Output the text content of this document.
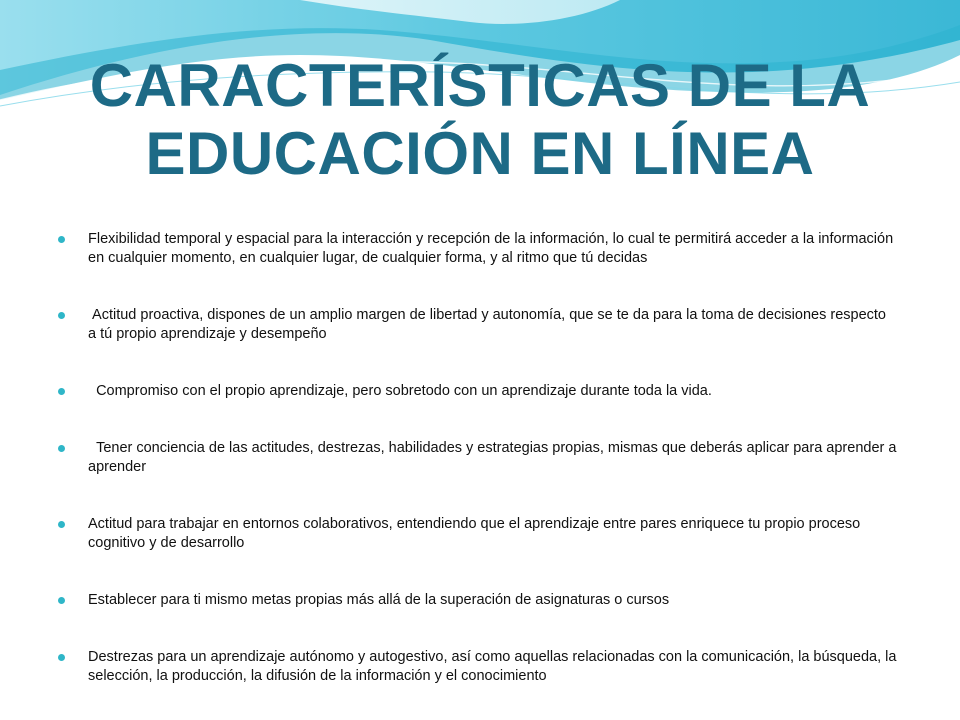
CARACTERÍSTICAS DE LA
EDUCACIÓN EN LÍNEA
Flexibilidad temporal y espacial para la interacción y recepción de la información, lo cual te permitirá acceder a la información en cualquier momento, en cualquier lugar, de cualquier forma, y al ritmo que tú decidas
Actitud proactiva, dispones de un amplio margen de libertad y autonomía, que se te da para la toma de decisiones respecto a tú propio aprendizaje y desempeño
Compromiso con el propio aprendizaje, pero sobretodo con un aprendizaje durante toda la vida.
Tener conciencia de las actitudes, destrezas, habilidades y estrategias propias, mismas que deberás aplicar para aprender a aprender
Actitud para trabajar en entornos colaborativos, entendiendo que el aprendizaje entre pares enriquece tu propio proceso cognitivo y de desarrollo
Establecer para ti mismo metas propias más allá de la superación de asignaturas o cursos
Destrezas para un aprendizaje autónomo y autogestivo, así como aquellas relacionadas con la comunicación, la búsqueda, la selección, la producción, la difusión de la información y el conocimiento
